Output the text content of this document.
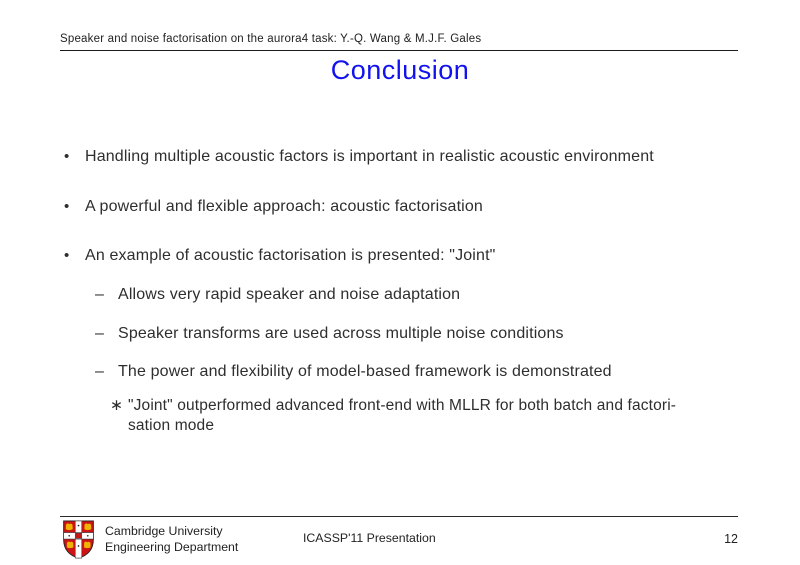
Speaker and noise factorisation on the aurora4 task: Y.-Q. Wang & M.J.F. Gales
Conclusion
• Handling multiple acoustic factors is important in realistic acoustic environment
• A powerful and flexible approach: acoustic factorisation
• An example of acoustic factorisation is presented: "Joint"
– Allows very rapid speaker and noise adaptation
– Speaker transforms are used across multiple noise conditions
– The power and flexibility of model-based framework is demonstrated
∗ "Joint" outperformed advanced front-end with MLLR for both batch and factori-
sation mode
Cambridge University
Engineering Department
ICASSP'11 Presentation	12
